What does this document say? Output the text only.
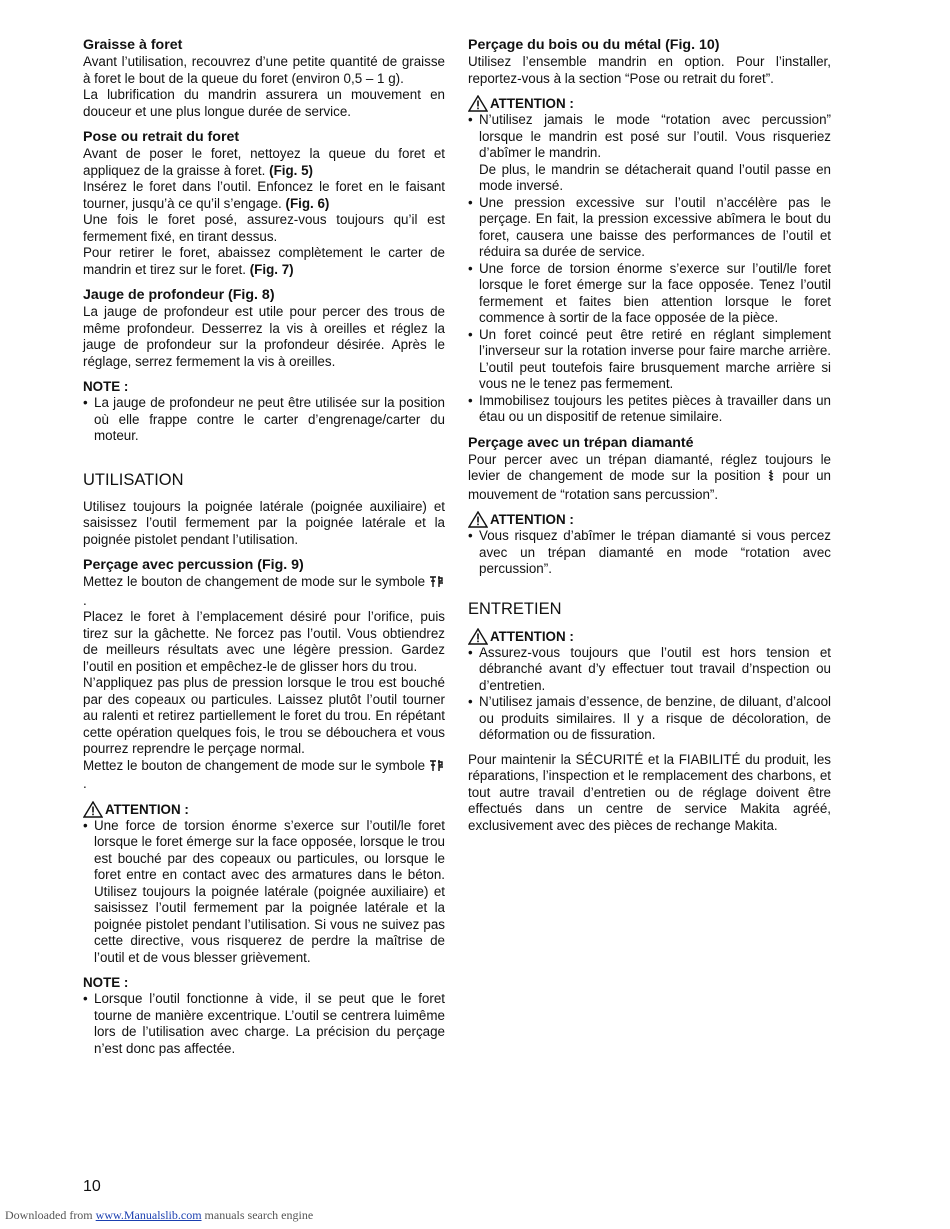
Graisse à foret

Avant l’utilisation, recouvrez d’une petite quantité de graisse à foret le bout de la queue du foret (environ 0,5 – 1 g).

La lubrification du mandrin assurera un mouvement en douceur et une plus longue durée de service.

Pose ou retrait du foret

Avant de poser le foret, nettoyez la queue du foret et appliquez de la graisse à foret. (Fig. 5)

Insérez le foret dans l’outil. Enfoncez le foret en le faisant tourner, jusqu’à ce qu’il s’engage. (Fig. 6)

Une fois le foret posé, assurez-vous toujours qu’il est fermement fixé, en tirant dessus.

Pour retirer le foret, abaissez complètement le carter de mandrin et tirez sur le foret. (Fig. 7)

Jauge de profondeur (Fig. 8)

La jauge de profondeur est utile pour percer des trous de même profondeur. Desserrez la vis à oreilles et réglez la jauge de profondeur sur la profondeur désirée. Après le réglage, serrez fermement la vis à oreilles.

NOTE :
• La jauge de profondeur ne peut être utilisée sur la position où elle frappe contre le carter d’engrenage/carter du moteur.
UTILISATION

Utilisez toujours la poignée latérale (poignée auxiliaire) et saisissez l’outil fermement par la poignée latérale et la poignée pistolet pendant l’utilisation.

Perçage avec percussion (Fig. 9)

Mettez le bouton de changement de mode sur le symbole .

Placez le foret à l’emplacement désiré pour l’orifice, puis tirez sur la gâchette. Ne forcez pas l’outil. Vous obtiendrez de meilleurs résultats avec une légère pression. Gardez l’outil en position et empêchez-le de glisser hors du trou.

N’appliquez pas plus de pression lorsque le trou est bouché par des copeaux ou particules. Laissez plutôt l’outil tourner au ralenti et retirez partiellement le foret du trou. En répétant cette opération quelques fois, le trou se débouchera et vous pourrez reprendre le perçage normal.

Mettez le bouton de changement de mode sur le symbole .

ATTENTION :
• Une force de torsion énorme s’exerce sur l’outil/le foret lorsque le foret émerge sur la face opposée, lorsque le trou est bouché par des copeaux ou particules, ou lorsque le foret entre en contact avec des armatures dans le béton. Utilisez toujours la poignée latérale (poignée auxiliaire) et saisissez l’outil fermement par la poignée latérale et la poignée pistolet pendant l’utilisation. Si vous ne suivez pas cette directive, vous risquerez de perdre la maîtrise de l’outil et de vous blesser grièvement.
NOTE :
• Lorsque l’outil fonctionne à vide, il se peut que le foret tourne de manière excentrique. L’outil se centrera luimême lors de l’utilisation avec charge. La précision du perçage n’est donc pas affectée.
Perçage du bois ou du métal (Fig. 10)

Utilisez l’ensemble mandrin en option. Pour l’installer, reportez-vous à la section “Pose ou retrait du foret”.

ATTENTION :
• N’utilisez jamais le mode “rotation avec percussion” lorsque le mandrin est posé sur l’outil. Vous risqueriez d’abîmer le mandrin.
De plus, le mandrin se détacherait quand l’outil passe en mode inversé.
• Une pression excessive sur l’outil n’accélère pas le perçage. En fait, la pression excessive abîmera le bout du foret, causera une baisse des performances de l’outil et réduira sa durée de service.
• Une force de torsion énorme s’exerce sur l’outil/le foret lorsque le foret émerge sur la face opposée. Tenez l’outil fermement et faites bien attention lorsque le foret commence à sortir de la face opposée de la pièce.
• Un foret coincé peut être retiré en réglant simplement l’inverseur sur la rotation inverse pour faire marche arrière. L’outil peut toutefois faire brusquement marche arrière si vous ne le tenez pas fermement.
• Immobilisez toujours les petites pièces à travailler dans un étau ou un dispositif de retenue similaire.
Perçage avec un trépan diamanté

Pour percer avec un trépan diamanté, réglez toujours le levier de changement de mode sur la position pour un mouvement de “rotation sans percussion”.

ATTENTION :
• Vous risquez d’abîmer le trépan diamanté si vous percez avec un trépan diamanté en mode “rotation avec percussion”.
ENTRETIEN
ATTENTION :
• Assurez-vous toujours que l’outil est hors tension et débranché avant d’y effectuer tout travail d’nspection ou d’entretien.
• N’utilisez jamais d’essence, de benzine, de diluant, d’alcool ou produits similaires. Il y a risque de décoloration, de déformation ou de fissuration.

Pour maintenir la SÉCURITÉ et la FIABILITÉ du produit, les réparations, l’inspection et le remplacement des charbons, et tout autre travail d’entretien ou de réglage doivent être effectués dans un centre de service Makita agréé, exclusivement avec des pièces de rechange Makita.

10
Downloaded from www.Manualslib.com manuals search engine
